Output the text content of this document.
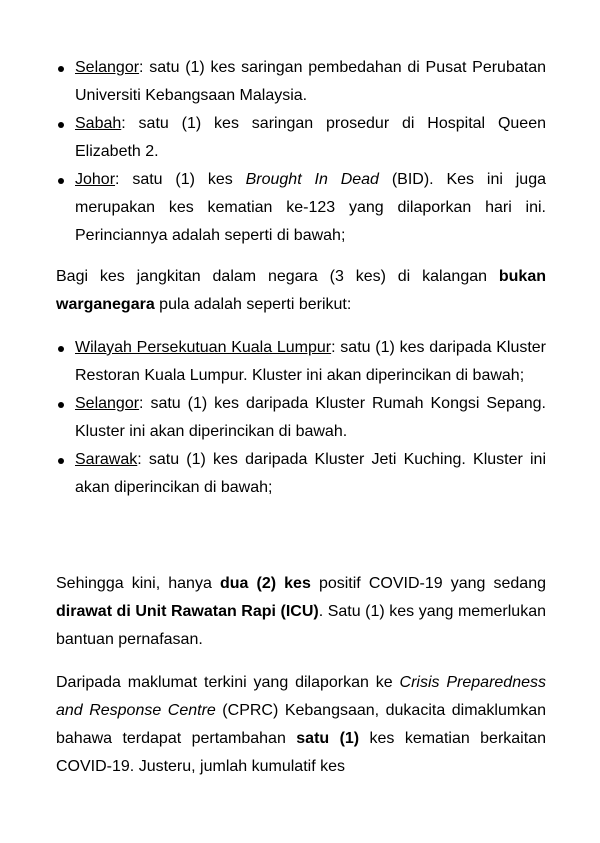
Selangor: satu (1) kes saringan pembedahan di Pusat Perubatan Universiti Kebangsaan Malaysia.
Sabah: satu (1) kes saringan prosedur di Hospital Queen Elizabeth 2.
Johor: satu (1) kes Brought In Dead (BID). Kes ini juga merupakan kes kematian ke-123 yang dilaporkan hari ini. Perinciannya adalah seperti di bawah;

Bagi kes jangkitan dalam negara (3 kes) di kalangan bukan warganegara pula adalah seperti berikut:

Wilayah Persekutuan Kuala Lumpur: satu (1) kes daripada Kluster Restoran Kuala Lumpur. Kluster ini akan diperincikan di bawah;
Selangor: satu (1) kes daripada Kluster Rumah Kongsi Sepang. Kluster ini akan diperincikan di bawah.
Sarawak: satu (1) kes daripada Kluster Jeti Kuching. Kluster ini akan diperincikan di bawah;

Sehingga kini, hanya dua (2) kes positif COVID-19 yang sedang dirawat di Unit Rawatan Rapi (ICU). Satu (1) kes yang memerlukan bantuan pernafasan.

Daripada maklumat terkini yang dilaporkan ke Crisis Preparedness and Response Centre (CPRC) Kebangsaan, dukacita dimaklumkan bahawa terdapat pertambahan satu (1) kes kematian berkaitan COVID-19. Justeru, jumlah kumulatif kes
